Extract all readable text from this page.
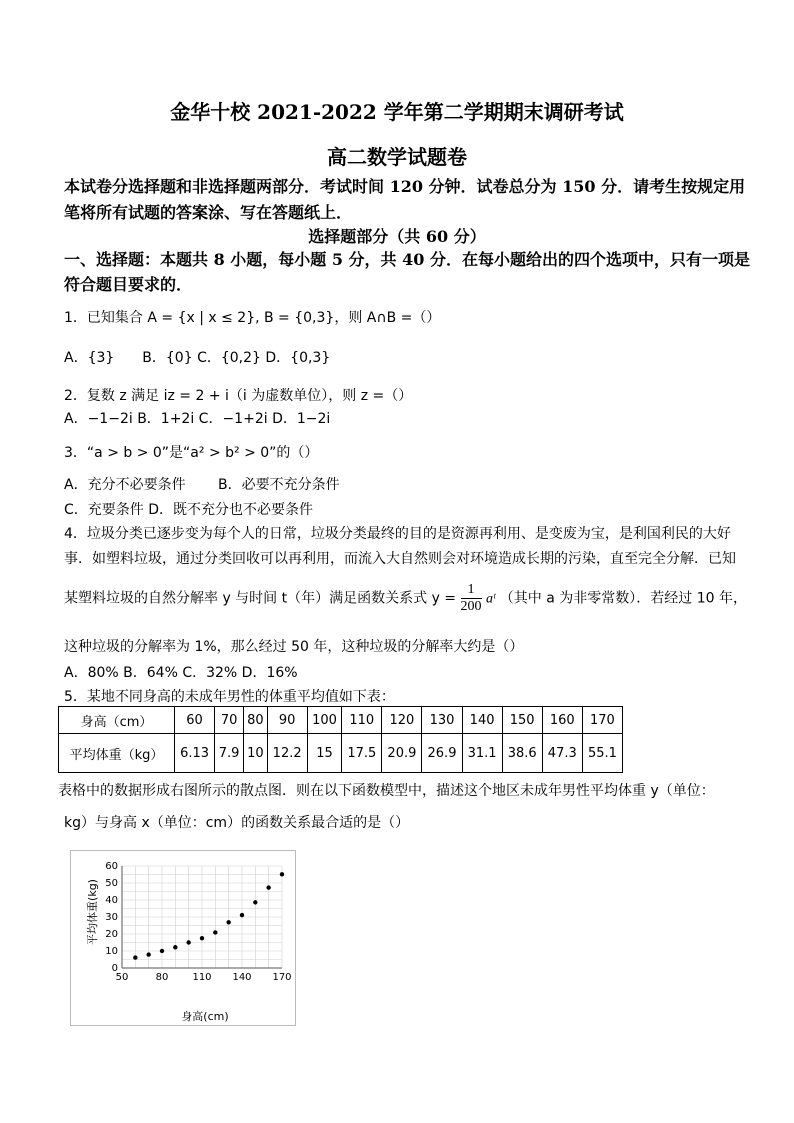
金华十校 2021-2022 学年第二学期期末调研考试
高二数学试题卷
本试卷分选择题和非选择题两部分．考试时间 120 分钟．试卷总分为 150 分．请考生按规定用
笔将所有试题的答案涂、写在答题纸上．
选择题部分（共 60 分）
一、选择题：本题共 8 小题，每小题 5 分，共 40 分．在每小题给出的四个选项中，只有一项是
符合题目要求的．
1．已知集合 A = {x | x ≤ 2}, B = {0,3}，则 A∩B =（）
A．{3}　　B．{0} C．{0,2} D．{0,3}
2．复数 z 满足 iz = 2 + i（i 为虚数单位），则 z =（）
A．−1−2i B．1+2i C．−1+2i D．1−2i
3．“a > b > 0”是“a² > b² > 0”的（）
A．充分不必要条件　　 B．必要不充分条件
C．充要条件 D．既不充分也不必要条件
4．垃圾分类已逐步变为每个人的日常，垃圾分类最终的目的是资源再利用、是变废为宝，是利国利民的大好
事．如塑料垃圾，通过分类回收可以再利用，而流入大自然则会对环境造成长期的污染，直至完全分解．已知
某塑料垃圾的自然分解率 y 与时间 t（年）满足函数关系式 $y = \frac{1}{200}$ aᵗ （其中 a 为非零常数）．若经过 10 年，
这种垃圾的分解率为 1%，那么经过 50 年，这种垃圾的分解率大约是（）
A．80% B．64% C．32% D．16%
5．某地不同身高的未成年男性的体重平均值如下表：
身高（cm）	60	70	80	90	100	110	120	130	140	150	160	170
平均体重（kg）	6.13	7.9	10	12.2	15	17.5	20.9	26.9	31.1	38.6	47.3	55.1
表格中的数据形成右图所示的散点图．则在以下函数模型中，描述这个地区未成年男性平均体重 y（单位：
kg）与身高 x（单位：cm）的函数关系最合适的是（）
50	80 110 140 170
0
10
20
30
40
50
60
身高(cm)
平均体重(kg)
